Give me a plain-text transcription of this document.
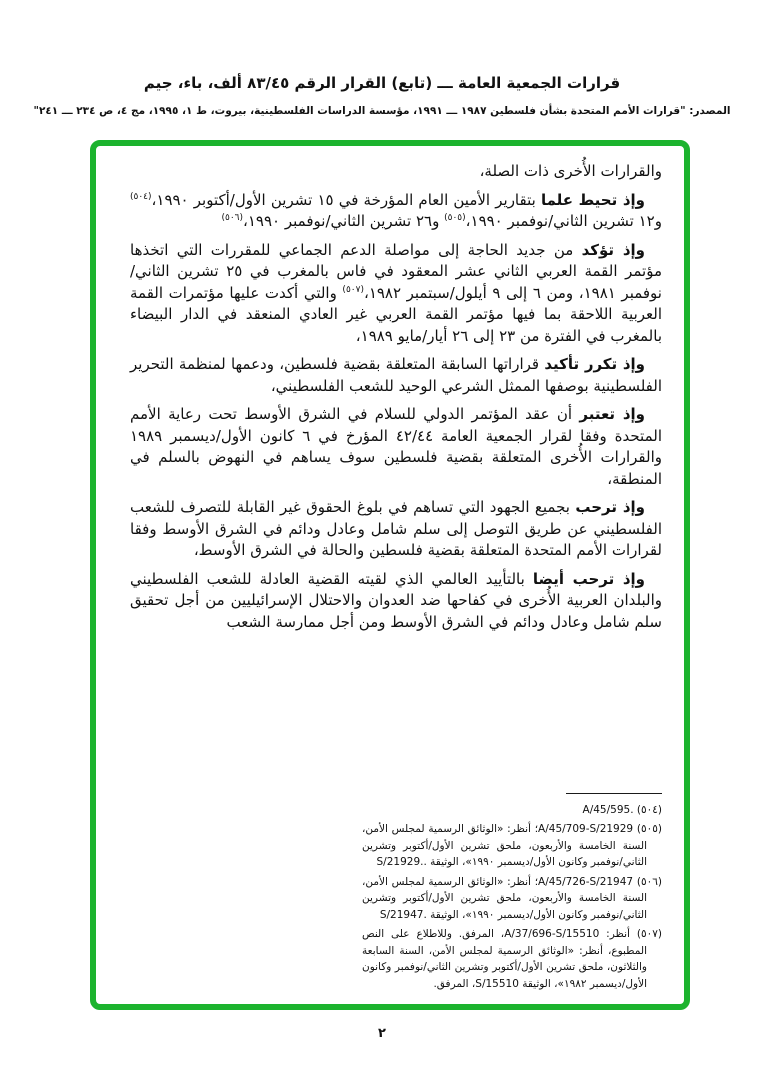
قرارات الجمعية العامة ـــ (تابع) القرار الرقم ٨٣/٤٥ ألف، باء، جيم
المصدر: "قرارات الأمم المتحدة بشأن فلسطين ١٩٨٧ ـــ ١٩٩١، مؤسسة الدراسات الفلسطينية، بيروت، ط ١، ١٩٩٥، مج ٤، ص ٢٣٤ ـــ ٢٤١"

والقرارات الأُخرى ذات الصلة،

وإذ تحيط علما بتقارير الأمين العام المؤرخة في ١٥ تشرين الأول/أكتوبر ١٩٩٠،$^{(٥٠٤)}$ و١٢ تشرين الثاني/نوفمبر ١٩٩٠،$^{(٥٠٥)}$ و٢٦ تشرين الثاني/نوفمبر ١٩٩٠،$^{(٥٠٦)}$

وإذ تؤكد من جديد الحاجة إلى مواصلة الدعم الجماعي للمقررات التي اتخذها مؤتمر القمة العربي الثاني عشر المعقود في فاس بالمغرب في ٢٥ تشرين الثاني/نوفمبر ١٩٨١، ومن ٦ إلى ٩ أيلول/سبتمبر ١٩٨٢،$^{(٥٠٧)}$ والتي أكدت عليها مؤتمرات القمة العربية اللاحقة بما فيها مؤتمر القمة العربي غير العادي المنعقد في الدار البيضاء بالمغرب في الفترة من ٢٣ إلى ٢٦ أيار/مايو ١٩٨٩،

وإذ تكرر تأكيد قراراتها السابقة المتعلقة بقضية فلسطين، ودعمها لمنظمة التحرير الفلسطينية بوصفها الممثل الشرعي الوحيد للشعب الفلسطيني،

وإذ تعتبر أن عقد المؤتمر الدولي للسلام في الشرق الأوسط تحت رعاية الأمم المتحدة وفقا لقرار الجمعية العامة ٤٢/٤٤ المؤرخ في ٦ كانون الأول/ديسمبر ١٩٨٩ والقرارات الأُخرى المتعلقة بقضية فلسطين سوف يساهم في النهوض بالسلم في المنطقة،

وإذ ترحب بجميع الجهود التي تساهم في بلوغ الحقوق غير القابلة للتصرف للشعب الفلسطيني عن طريق التوصل إلى سلم شامل وعادل ودائم في الشرق الأوسط وفقا لقرارات الأمم المتحدة المتعلقة بقضية فلسطين والحالة في الشرق الأوسط،

وإذ ترحب أيضا بالتأييد العالمي الذي لقيته القضية العادلة للشعب الفلسطيني والبلدان العربية الأُخرى في كفاحها ضد العدوان والاحتلال الإسرائيليين من أجل تحقيق سلم شامل وعادل ودائم في الشرق الأوسط ومن أجل ممارسة الشعب

(٥٠٤) A/45/595.

(٥٠٥) A/45/709-S/21929؛ أنظر: «الوثائق الرسمية لمجلس الأمن، السنة الخامسة والأربعون، ملحق تشرين الأول/أكتوبر وتشرين الثاني/نوفمبر وكانون الأول/ديسمبر ١٩٩٠»، الوثيقة S/21929..

(٥٠٦) A/45/726-S/21947؛ أنظر: «الوثائق الرسمية لمجلس الأمن، السنة الخامسة والأربعون، ملحق تشرين الأول/أكتوبر وتشرين الثاني/نوفمبر وكانون الأول/ديسمبر ١٩٩٠»، الوثيقة S/21947.

(٥٠٧) أنظر: A/37/696-S/15510، المرفق. وللاطلاع على النص المطبوع، أنظر: «الوثائق الرسمية لمجلس الأمن، السنة السابعة والثلاثون، ملحق تشرين الأول/أكتوبر وتشرين الثاني/نوفمبر وكانون الأول/ديسمبر ١٩٨٢»، الوثيقة S/15510، المرفق.

٢
